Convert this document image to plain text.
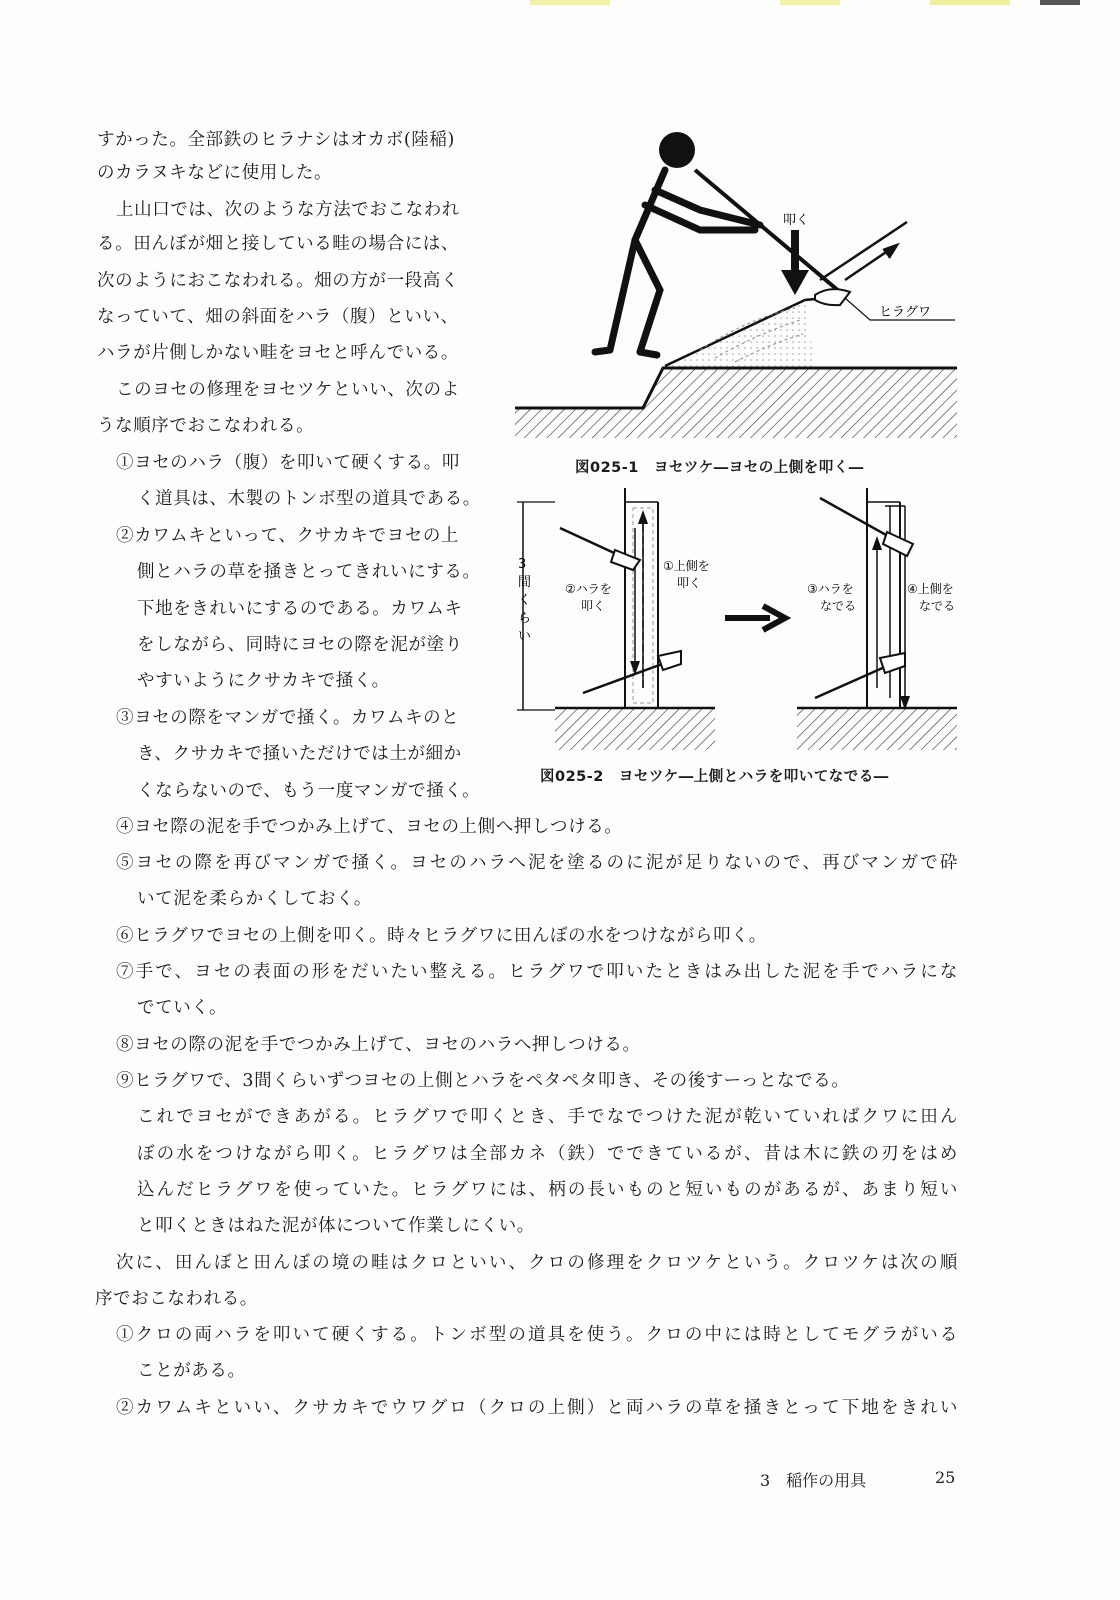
すかった。全部鉄のヒラナシはオカボ(陸稲)
のカラヌキなどに使用した。
上山口では、次のような方法でおこなわれ
る。田んぼが畑と接している畦の場合には、
次のようにおこなわれる。畑の方が一段高く
なっていて、畑の斜面をハラ（腹）といい、
ハラが片側しかない畦をヨセと呼んでいる。
このヨセの修理をヨセツケといい、次のよ
うな順序でおこなわれる。
①ヨセのハラ（腹）を叩いて硬くする。叩
く道具は、木製のトンボ型の道具である。
②カワムキといって、クサカキでヨセの上
側とハラの草を掻きとってきれいにする。
下地をきれいにするのである。カワムキ
をしながら、同時にヨセの際を泥が塗り
やすいようにクサカキで掻く。
③ヨセの際をマンガで掻く。カワムキのと
き、クサカキで掻いただけでは土が細か
くならないので、もう一度マンガで掻く。
叩く
ヒラグワ
図025-1　ヨセツケ―ヨセの上側を叩く―
3
間
く
ら
い
①上側を
叩く
②ハラを
叩く
③ハラを
なでる
④上側を
なでる
図025-2　ヨセツケ―上側とハラを叩いてなでる―
④ヨセ際の泥を手でつかみ上げて、ヨセの上側へ押しつける。
⑤ヨセの際を再びマンガで掻く。ヨセのハラへ泥を塗るのに泥が足りないので、再びマンガで砕
いて泥を柔らかくしておく。
⑥ヒラグワでヨセの上側を叩く。時々ヒラグワに田んぼの水をつけながら叩く。
⑦手で、ヨセの表面の形をだいたい整える。ヒラグワで叩いたときはみ出した泥を手でハラにな
でていく。
⑧ヨセの際の泥を手でつかみ上げて、ヨセのハラへ押しつける。
⑨ヒラグワで、3間くらいずつヨセの上側とハラをペタペタ叩き、その後すーっとなでる。
これでヨセができあがる。ヒラグワで叩くとき、手でなでつけた泥が乾いていればクワに田ん
ぼの水をつけながら叩く。ヒラグワは全部カネ（鉄）でできているが、昔は木に鉄の刃をはめ
込んだヒラグワを使っていた。ヒラグワには、柄の長いものと短いものがあるが、あまり短い
と叩くときはねた泥が体について作業しにくい。
次に、田んぼと田んぼの境の畦はクロといい、クロの修理をクロツケという。クロツケは次の順
序でおこなわれる。
①クロの両ハラを叩いて硬くする。トンボ型の道具を使う。クロの中には時としてモグラがいる
ことがある。
②カワムキといい、クサカキでウワグロ（クロの上側）と両ハラの草を掻きとって下地をきれい
3　稲作の用具	25
